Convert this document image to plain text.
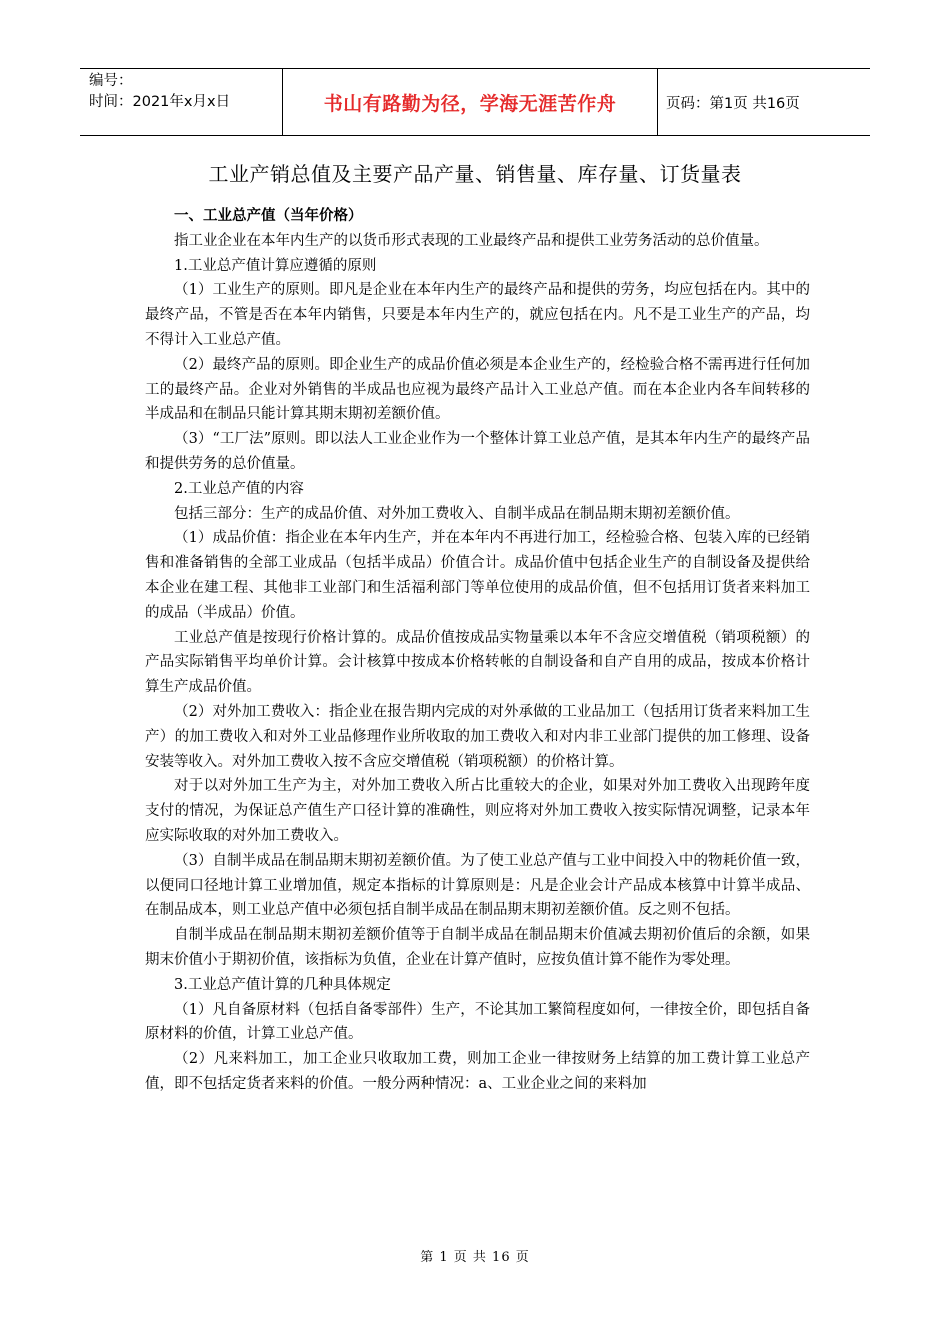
编号：
时间：2021年x月x日	书山有路勤为径，学海无涯苦作舟	页码：第1页 共16页
工业产销总值及主要产品产量、销售量、库存量、订货量表

一、工业总产值（当年价格）

指工业企业在本年内生产的以货币形式表现的工业最终产品和提供工业劳务活动的总价值量。

1.工业总产值计算应遵循的原则

（1）工业生产的原则。即凡是企业在本年内生产的最终产品和提供的劳务，均应包括在内。其中的最终产品，不管是否在本年内销售，只要是本年内生产的，就应包括在内。凡不是工业生产的产品，均不得计入工业总产值。

（2）最终产品的原则。即企业生产的成品价值必须是本企业生产的，经检验合格不需再进行任何加工的最终产品。企业对外销售的半成品也应视为最终产品计入工业总产值。而在本企业内各车间转移的半成品和在制品只能计算其期末期初差额价值。

（3）“工厂法”原则。即以法人工业企业作为一个整体计算工业总产值，是其本年内生产的最终产品和提供劳务的总价值量。

2.工业总产值的内容

包括三部分：生产的成品价值、对外加工费收入、自制半成品在制品期末期初差额价值。

（1）成品价值：指企业在本年内生产，并在本年内不再进行加工，经检验合格、包装入库的已经销售和准备销售的全部工业成品（包括半成品）价值合计。成品价值中包括企业生产的自制设备及提供给本企业在建工程、其他非工业部门和生活福利部门等单位使用的成品价值，但不包括用订货者来料加工的成品（半成品）价值。

工业总产值是按现行价格计算的。成品价值按成品实物量乘以本年不含应交增值税（销项税额）的产品实际销售平均单价计算。会计核算中按成本价格转帐的自制设备和自产自用的成品，按成本价格计算生产成品价值。

（2）对外加工费收入：指企业在报告期内完成的对外承做的工业品加工（包括用订货者来料加工生产）的加工费收入和对外工业品修理作业所收取的加工费收入和对内非工业部门提供的加工修理、设备安装等收入。对外加工费收入按不含应交增值税（销项税额）的价格计算。

对于以对外加工生产为主，对外加工费收入所占比重较大的企业，如果对外加工费收入出现跨年度支付的情况，为保证总产值生产口径计算的准确性，则应将对外加工费收入按实际情况调整，记录本年应实际收取的对外加工费收入。

（3）自制半成品在制品期末期初差额价值。为了使工业总产值与工业中间投入中的物耗价值一致，以便同口径地计算工业增加值，规定本指标的计算原则是：凡是企业会计产品成本核算中计算半成品、在制品成本，则工业总产值中必须包括自制半成品在制品期末期初差额价值。反之则不包括。

自制半成品在制品期末期初差额价值等于自制半成品在制品期末价值减去期初价值后的余额，如果期末价值小于期初价值，该指标为负值，企业在计算产值时，应按负值计算不能作为零处理。

3.工业总产值计算的几种具体规定

（1）凡自备原材料（包括自备零部件）生产，不论其加工繁简程度如何，一律按全价，即包括自备原材料的价值，计算工业总产值。

（2）凡来料加工，加工企业只收取加工费，则加工企业一律按财务上结算的加工费计算工业总产值，即不包括定货者来料的价值。一般分两种情况：a、工业企业之间的来料加

第 1 页 共 16 页
